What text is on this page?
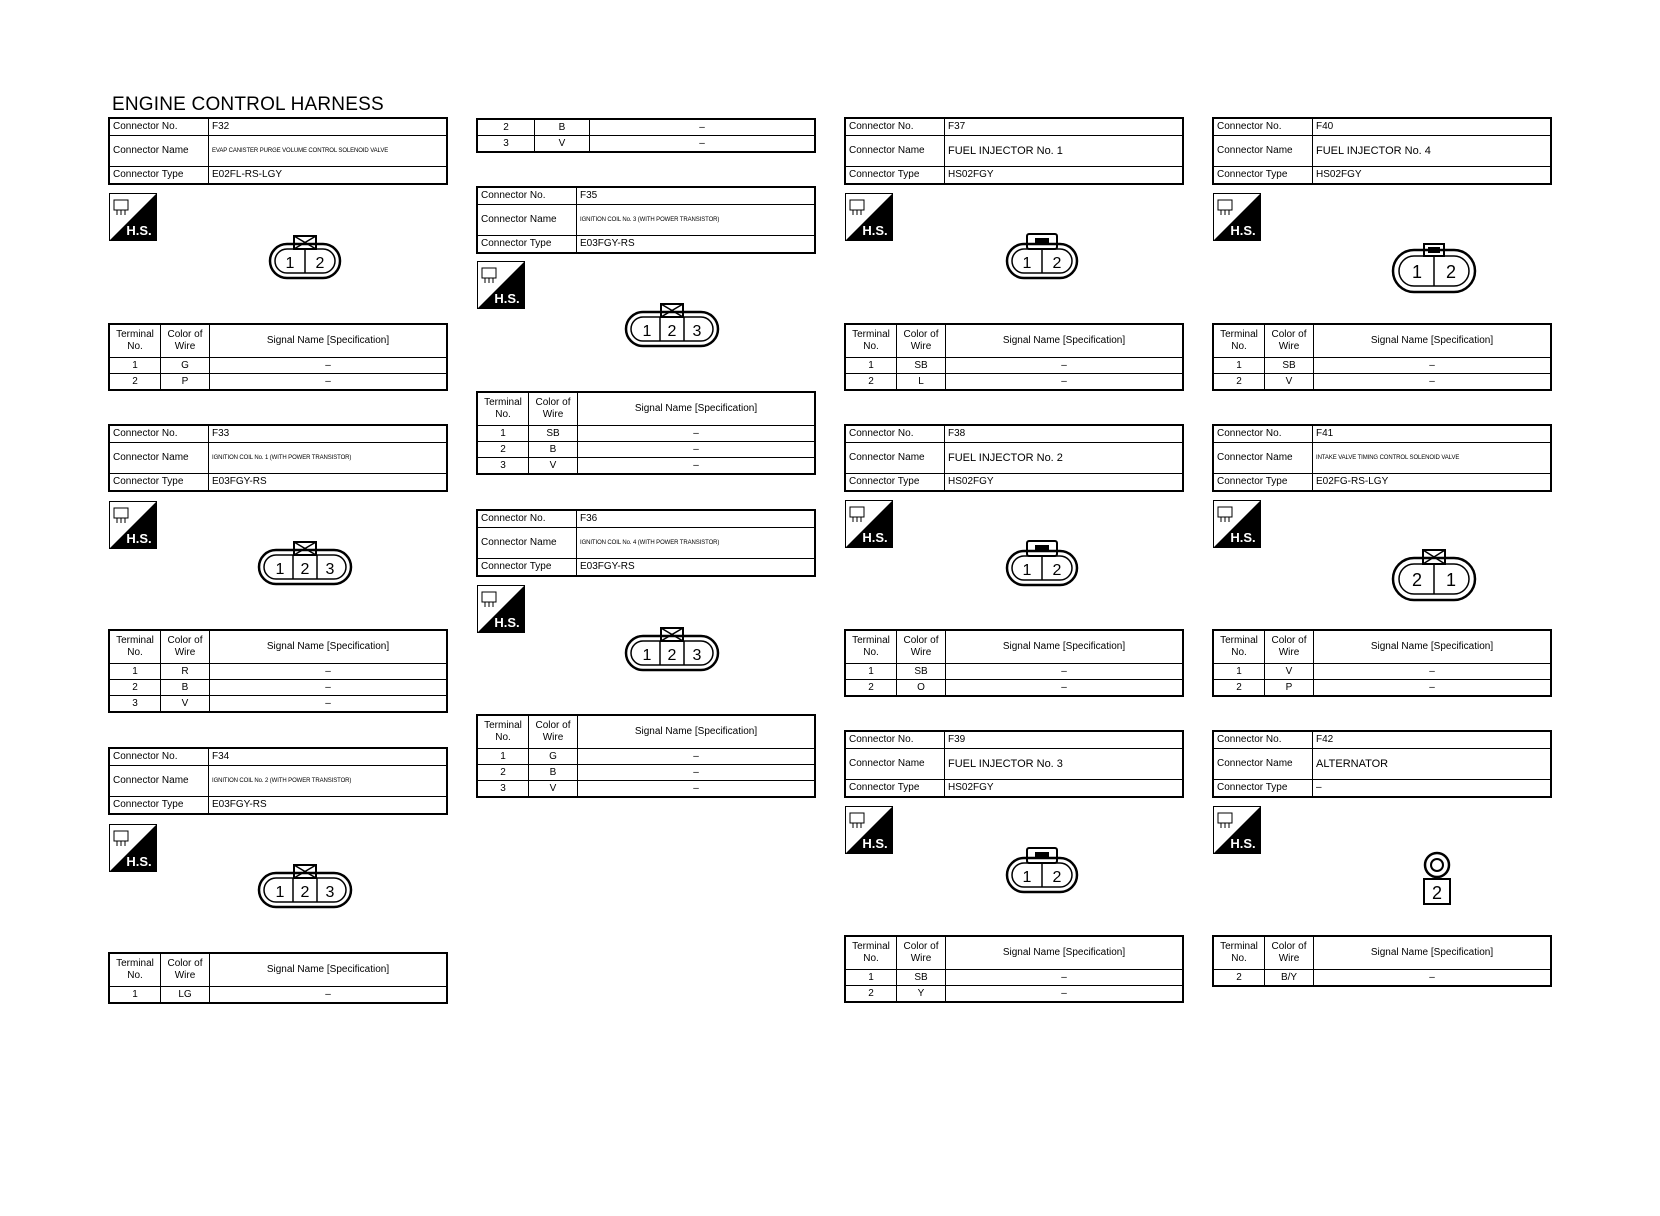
ENGINE CONTROL HARNESS
Connector No.	F32
Connector Name	EVAP CANISTER PURGE VOLUME CONTROL SOLENOID VALVE
Connector Type	E02FL-RS-LGY
H.S.
1 2
Terminal No.	Color of Wire	Signal Name [Specification]
1	G	–
2	P	–
Connector No.	F33
Connector Name	IGNITION COIL No. 1 (WITH POWER TRANSISTOR)
Connector Type	E03FGY-RS
H.S.
1 2 3
Terminal No.	Color of Wire	Signal Name [Specification]
1	R	–
2	B	–
3	V	–
Connector No.	F34
Connector Name	IGNITION COIL No. 2 (WITH POWER TRANSISTOR)
Connector Type	E03FGY-RS
H.S.
1 2 3
Terminal No.	Color of Wire	Signal Name [Specification]
1	LG	–
2	B	–
3	V	–
Connector No.	F35
Connector Name	IGNITION COIL No. 3 (WITH POWER TRANSISTOR)
Connector Type	E03FGY-RS
H.S.
1 2 3
Terminal No.	Color of Wire	Signal Name [Specification]
1	SB	–
2	B	–
3	V	–
Connector No.	F36
Connector Name	IGNITION COIL No. 4 (WITH POWER TRANSISTOR)
Connector Type	E03FGY-RS
H.S.
1 2 3
Terminal No.	Color of Wire	Signal Name [Specification]
1	G	–
2	B	–
3	V	–
Connector No.	F37
Connector Name	FUEL INJECTOR No. 1
Connector Type	HS02FGY
H.S.
1 2
Terminal No.	Color of Wire	Signal Name [Specification]
1	SB	–
2	L	–
Connector No.	F38
Connector Name	FUEL INJECTOR No. 2
Connector Type	HS02FGY
H.S.
1 2
Terminal No.	Color of Wire	Signal Name [Specification]
1	SB	–
2	O	–
Connector No.	F39
Connector Name	FUEL INJECTOR No. 3
Connector Type	HS02FGY
H.S.
1 2
Terminal No.	Color of Wire	Signal Name [Specification]
1	SB	–
2	Y	–
Connector No.	F40
Connector Name	FUEL INJECTOR No. 4
Connector Type	HS02FGY
H.S.
1 2
Terminal No.	Color of Wire	Signal Name [Specification]
1	SB	–
2	V	–
Connector No.	F41
Connector Name	INTAKE VALVE TIMING CONTROL SOLENOID VALVE
Connector Type	E02FG-RS-LGY
H.S.
2 1
Terminal No.	Color of Wire	Signal Name [Specification]
1	V	–
2	P	–
Connector No.	F42
Connector Name	ALTERNATOR
Connector Type	–
H.S.
2
Terminal No.	Color of Wire	Signal Name [Specification]
2	B/Y	–
